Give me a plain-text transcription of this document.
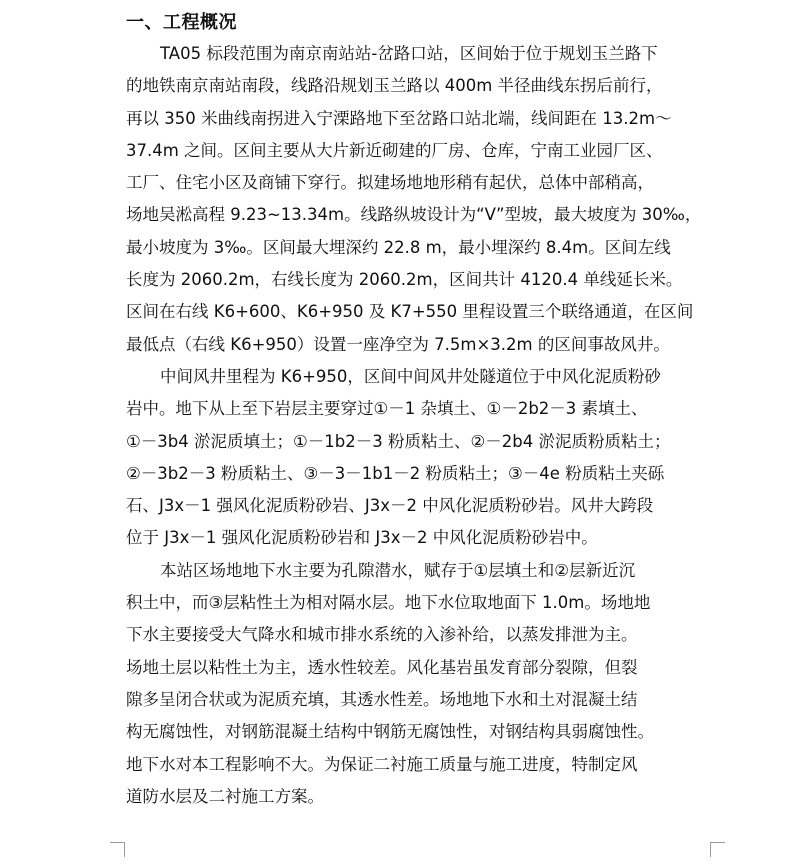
一、工程概况
TA05 标段范围为南京南站站-岔路口站，区间始于位于规划玉兰路下
的地铁南京南站南段，线路沿规划玉兰路以 400m 半径曲线东拐后前行，
再以 350 米曲线南拐进入宁溧路地下至岔路口站北端，线间距在 13.2m～
37.4m 之间。区间主要从大片新近砌建的厂房、仓库，宁南工业园厂区、
工厂、住宅小区及商铺下穿行。拟建场地地形稍有起伏，总体中部稍高，
场地吴淞高程 9.23~13.34m。线路纵坡设计为“V”型坡，最大坡度为 30‰，
最小坡度为 3‰。区间最大埋深约 22.8 m，最小埋深约 8.4m。区间左线
长度为 2060.2m，右线长度为 2060.2m，区间共计 4120.4 单线延长米。
区间在右线 K6+600、K6+950 及 K7+550 里程设置三个联络通道，在区间
最低点（右线 K6+950）设置一座净空为 7.5m×3.2m 的区间事故风井。
中间风井里程为 K6+950，区间中间风井处隧道位于中风化泥质粉砂
岩中。地下从上至下岩层主要穿过①－1 杂填土、①－2b2－3 素填土、
①－3b4 淤泥质填土；①－1b2－3 粉质粘土、②－2b4 淤泥质粉质粘土；
②－3b2－3 粉质粘土、③－3－1b1－2 粉质粘土；③－4e 粉质粘土夹砾
石、J3x－1 强风化泥质粉砂岩、J3x－2 中风化泥质粉砂岩。风井大跨段
位于 J3x－1 强风化泥质粉砂岩和 J3x－2 中风化泥质粉砂岩中。
本站区场地地下水主要为孔隙潜水，赋存于①层填土和②层新近沉
积土中，而③层粘性土为相对隔水层。地下水位取地面下 1.0m。场地地
下水主要接受大气降水和城市排水系统的入渗补给，以蒸发排泄为主。
场地土层以粘性土为主，透水性较差。风化基岩虽发育部分裂隙，但裂
隙多呈闭合状或为泥质充填，其透水性差。场地地下水和土对混凝土结
构无腐蚀性，对钢筋混凝土结构中钢筋无腐蚀性，对钢结构具弱腐蚀性。
地下水对本工程影响不大。为保证二衬施工质量与施工进度，特制定风
道防水层及二衬施工方案。
